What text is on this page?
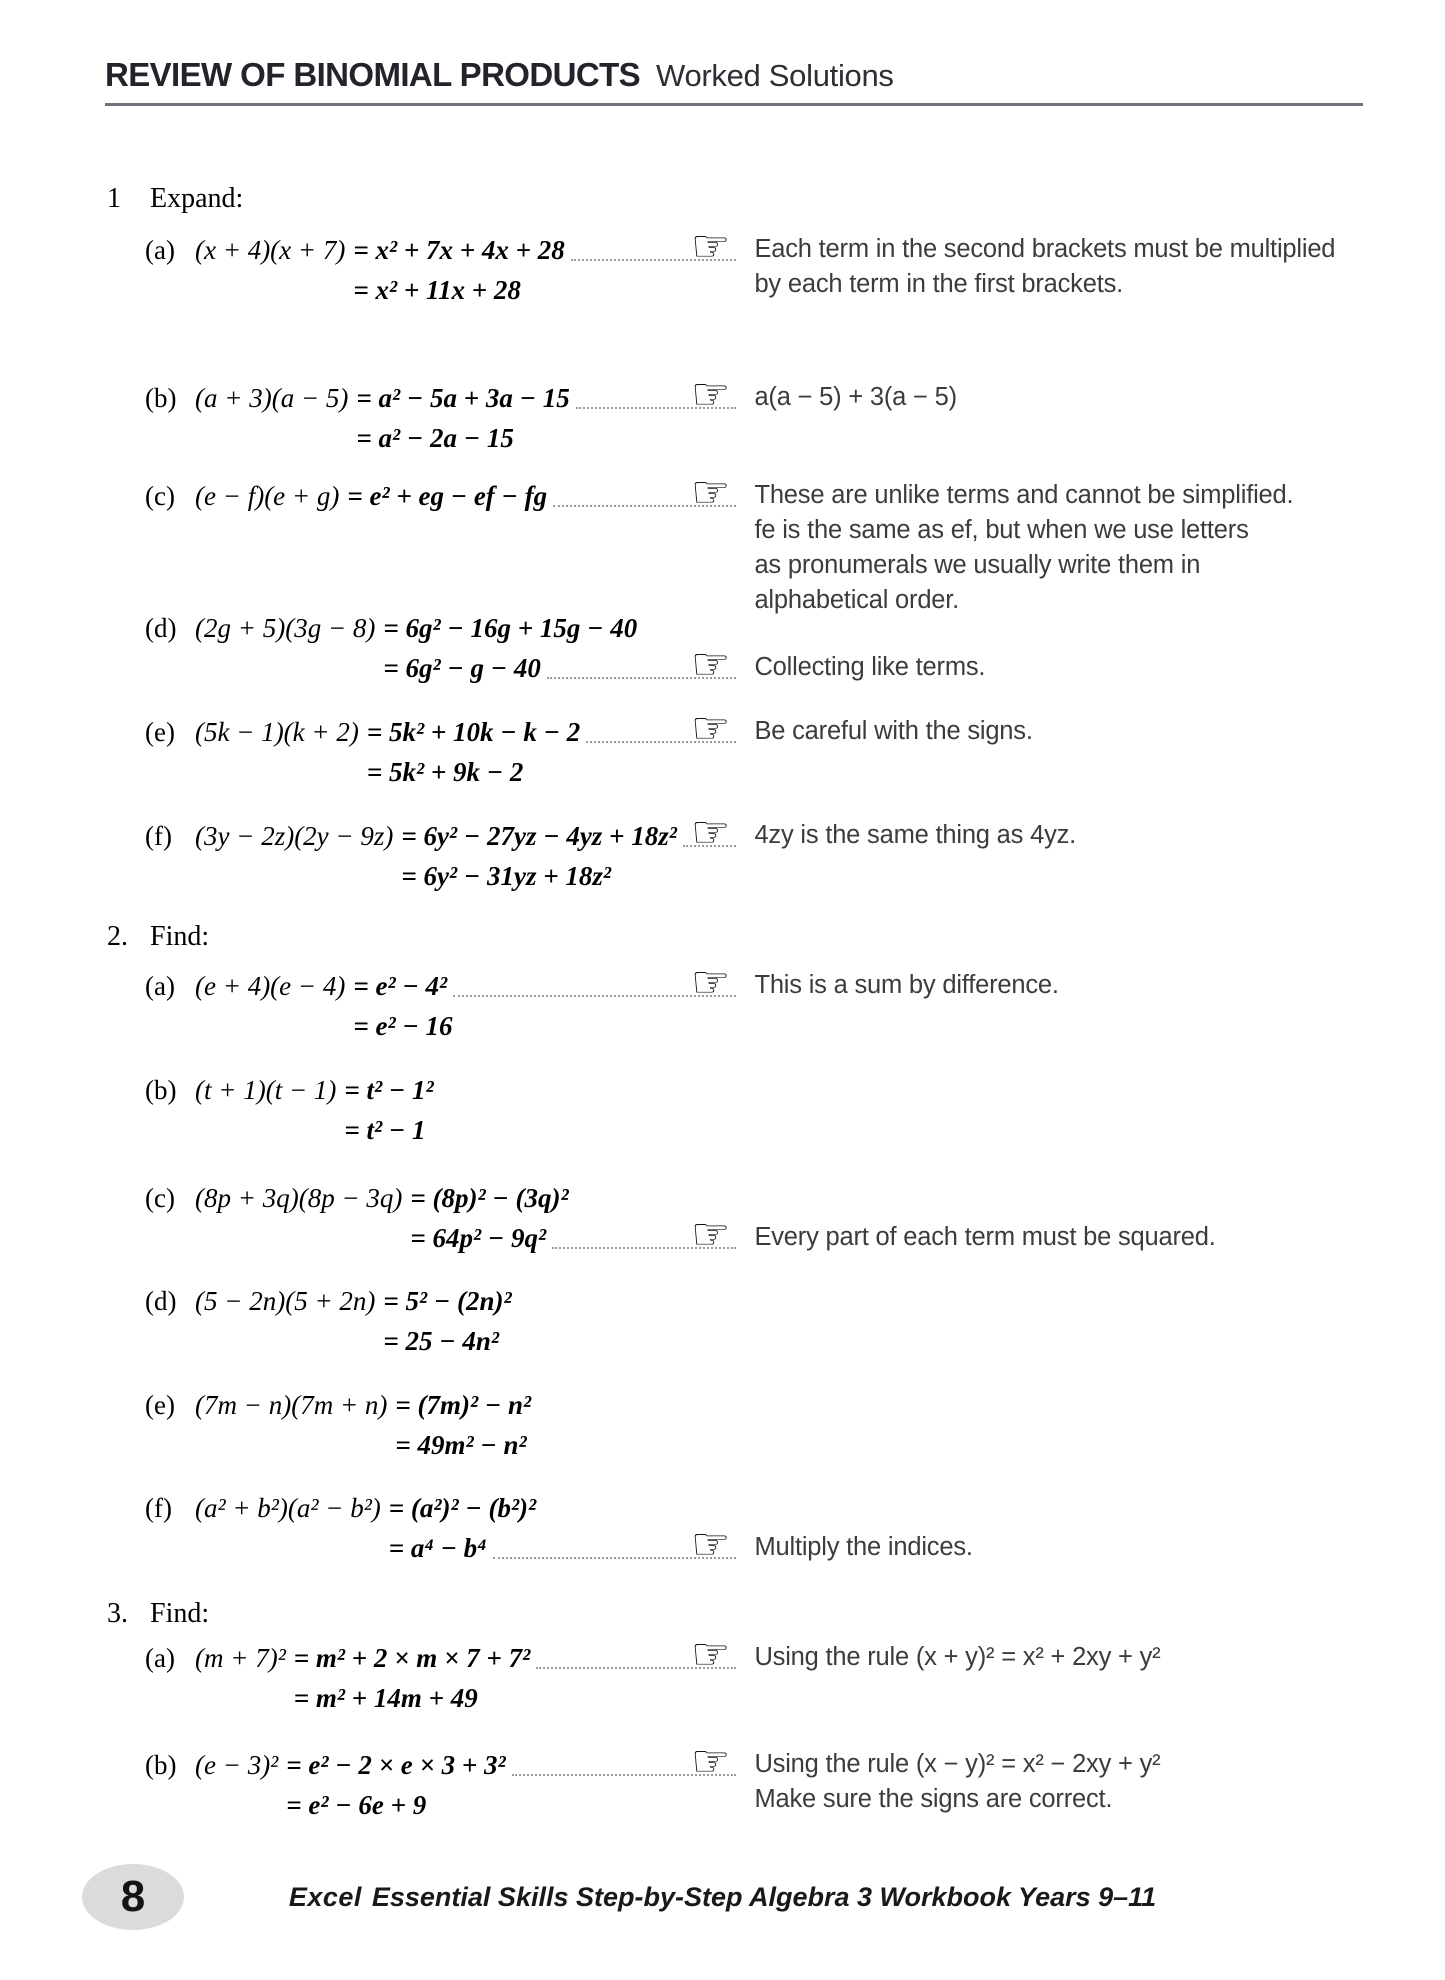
REVIEW OF BINOMIAL PRODUCTS Worked Solutions
1	Expand:
(a) (x + 4)(x + 7) = x² + 7x + 4x + 28
= x² + 11x + 28
☞ Each term in the second brackets must be multiplied
by each term in the first brackets.
(b) (a + 3)(a − 5) = a² − 5a + 3a − 15
= a² − 2a − 15
☞ a(a − 5) + 3(a − 5)
(c) (e − f)(e + g) = e² + eg − ef − fg	☞ These are unlike terms and cannot be simplified.
fe is the same as ef, but when we use letters
as pronumerals we usually write them in
alphabetical order.
(d) (2g + 5)(3g − 8) = 6g² − 16g + 15g − 40
= 6g² − g − 40	☞ Collecting like terms.
(e) (5k − 1)(k + 2) = 5k² + 10k − k − 2
= 5k² + 9k − 2
☞ Be careful with the signs.
(f) (3y − 2z)(2y − 9z) = 6y² − 27yz − 4yz + 18z²
= 6y² − 31yz + 18z²
☞ 4zy is the same thing as 4yz.
2. Find:
(a) (e + 4)(e − 4) = e² − 4²
= e² − 16
☞ This is a sum by difference.
(b) (t + 1)(t − 1) = t² − 1²
= t² − 1
(c) (8p + 3q)(8p − 3q) = (8p)² − (3q)²
= 64p² − 9q²	☞ Every part of each term must be squared.
(d) (5 − 2n)(5 + 2n) = 5² − (2n)²
= 25 − 4n²
(e) (7m − n)(7m + n) = (7m)² − n²
= 49m² − n²
(f) (a² + b²)(a² − b²) = (a²)² − (b²)²
= a⁴ − b⁴	☞ Multiply the indices.
3. Find:
(a) (m + 7)² = m² + 2 × m × 7 + 7²
= m² + 14m + 49
☞ Using the rule (x + y)² = x² + 2xy + y²
(b) (e − 3)² = e² − 2 × e × 3 + 3²
= e² − 6e + 9
☞ Using the rule (x − y)² = x² − 2xy + y²
Make sure the signs are correct.
8	Excel Essential Skills Step-by-Step Algebra 3 Workbook Years 9–11
